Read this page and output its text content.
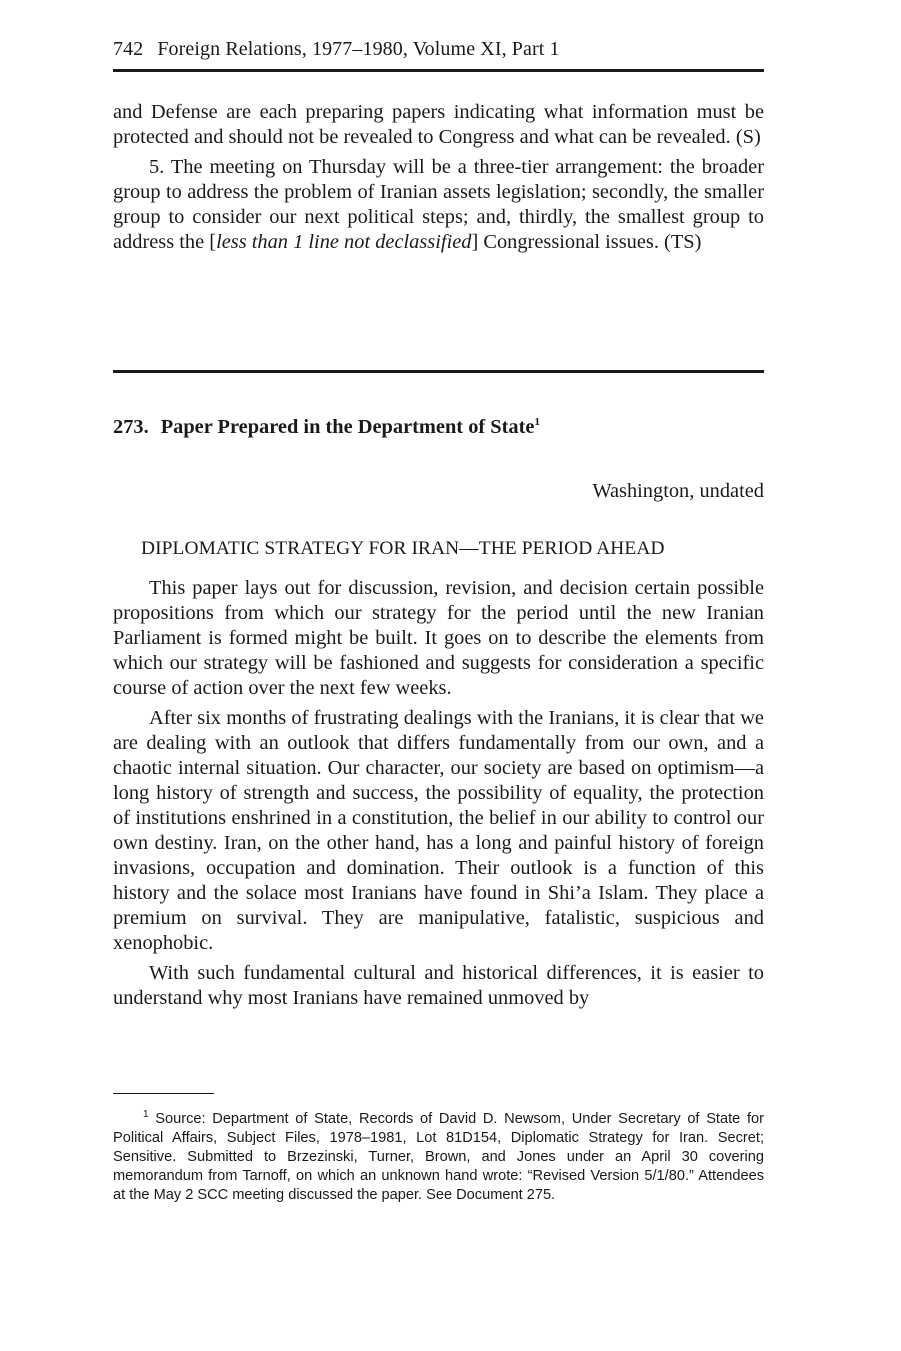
742 Foreign Relations, 1977–1980, Volume XI, Part 1

and Defense are each preparing papers indicating what information must be protected and should not be revealed to Congress and what can be revealed. (S)

5. The meeting on Thursday will be a three-tier arrangement: the broader group to address the problem of Iranian assets legislation; secondly, the smaller group to consider our next political steps; and, thirdly, the smallest group to address the [less than 1 line not declassified] Congressional issues. (TS)

273. Paper Prepared in the Department of State$^1$
Washington, undated
DIPLOMATIC STRATEGY FOR IRAN—THE PERIOD AHEAD

This paper lays out for discussion, revision, and decision certain possible propositions from which our strategy for the period until the new Iranian Parliament is formed might be built. It goes on to describe the elements from which our strategy will be fashioned and suggests for consideration a specific course of action over the next few weeks.

After six months of frustrating dealings with the Iranians, it is clear that we are dealing with an outlook that differs fundamentally from our own, and a chaotic internal situation. Our character, our society are based on optimism—a long history of strength and success, the possibility of equality, the protection of institutions enshrined in a constitution, the belief in our ability to control our own destiny. Iran, on the other hand, has a long and painful history of foreign invasions, occupation and domination. Their outlook is a function of this history and the solace most Iranians have found in Shi’a Islam. They place a premium on survival. They are manipulative, fatalistic, suspicious and xenophobic.

With such fundamental cultural and historical differences, it is easier to understand why most Iranians have remained unmoved by

$^1$ Source: Department of State, Records of David D. Newsom, Under Secretary of State for Political Affairs, Subject Files, 1978–1981, Lot 81D154, Diplomatic Strategy for Iran. Secret; Sensitive. Submitted to Brzezinski, Turner, Brown, and Jones under an April 30 covering memorandum from Tarnoff, on which an unknown hand wrote: “Revised Version 5/1/80.” Attendees at the May 2 SCC meeting discussed the paper. See Document 275.
